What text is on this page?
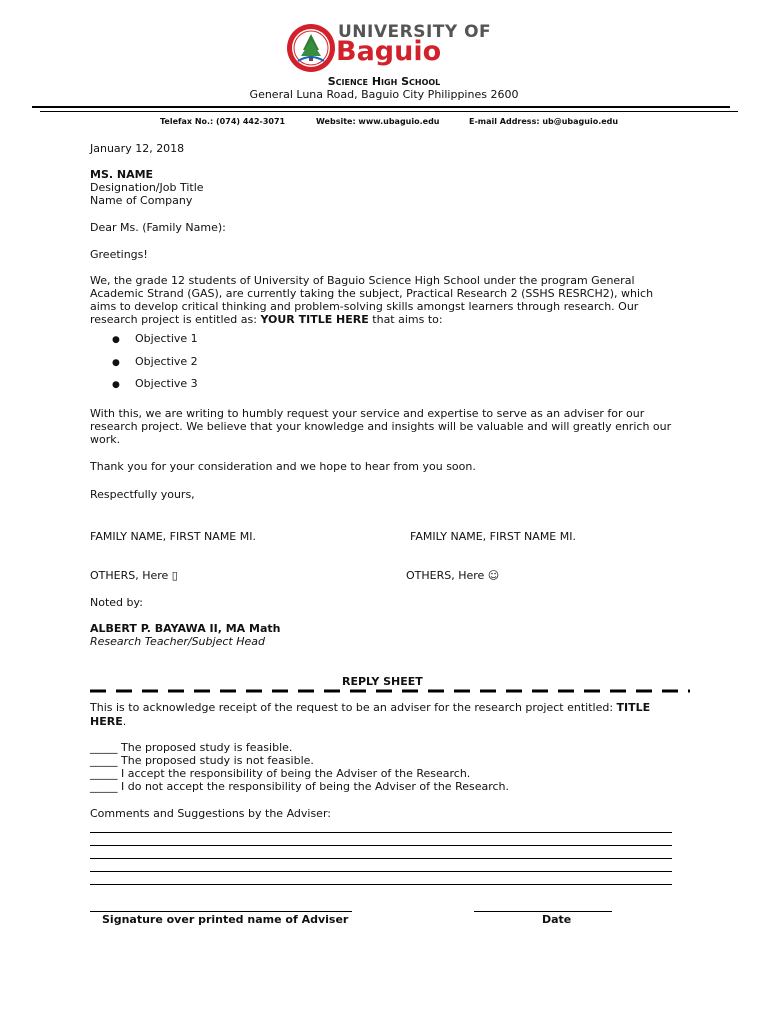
UNIVERSITY OF
Baguio
Science High School
General Luna Road, Baguio City Philippines 2600
Telefax No.: (074) 442-3071	Website: www.ubaguio.edu	E-mail Address: ub@ubaguio.edu
January 12, 2018
MS. NAME
Designation/Job Title
Name of Company
Dear Ms. (Family Name):
Greetings!
We, the grade 12 students of University of Baguio Science High School under the program General
Academic Strand (GAS), are currently taking the subject, Practical Research 2 (SSHS RESRCH2), which
aims to develop critical thinking and problem-solving skills amongst learners through research. Our
research project is entitled as: YOUR TITLE HERE that aims to:
● Objective 1
● Objective 2
● Objective 3
With this, we are writing to humbly request your service and expertise to serve as an adviser for our
research project. We believe that your knowledge and insights will be valuable and will greatly enrich our
work.
Thank you for your consideration and we hope to hear from you soon.
Respectfully yours,
FAMILY NAME, FIRST NAME MI.	FAMILY NAME, FIRST NAME MI.
OTHERS, Here ▯	OTHERS, Here ☺
Noted by:
ALBERT P. BAYAWA II, MA Math
Research Teacher/Subject Head
REPLY SHEET
This is to acknowledge receipt of the request to be an adviser for the research project entitled: TITLE
HERE.
_____ The proposed study is feasible.
_____ The proposed study is not feasible.
_____ I accept the responsibility of being the Adviser of the Research.
_____ I do not accept the responsibility of being the Adviser of the Research.
Comments and Suggestions by the Adviser:
Signature over printed name of Adviser	Date
